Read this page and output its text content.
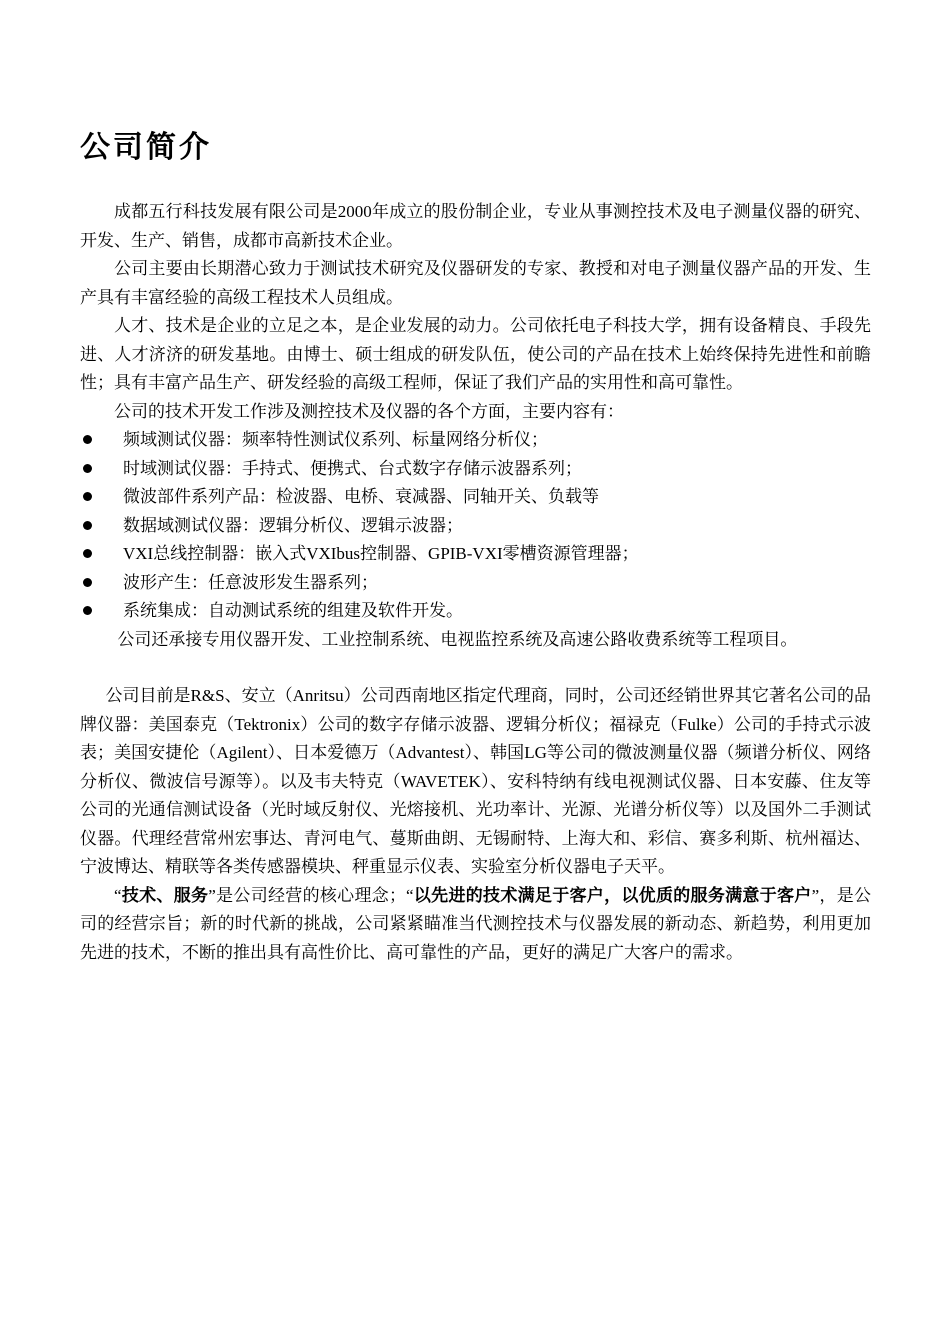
公司简介

成都五行科技发展有限公司是2000年成立的股份制企业，专业从事测控技术及电子测量仪器的研究、开发、生产、销售，成都市高新技术企业。

公司主要由长期潜心致力于测试技术研究及仪器研发的专家、教授和对电子测量仪器产品的开发、生产具有丰富经验的高级工程技术人员组成。

人才、技术是企业的立足之本，是企业发展的动力。公司依托电子科技大学，拥有设备精良、手段先进、人才济济的研发基地。由博士、硕士组成的研发队伍，使公司的产品在技术上始终保持先进性和前瞻性；具有丰富产品生产、研发经验的高级工程师，保证了我们产品的实用性和高可靠性。

公司的技术开发工作涉及测控技术及仪器的各个方面，主要内容有：

频域测试仪器：频率特性测试仪系列、标量网络分析仪；
时域测试仪器：手持式、便携式、台式数字存储示波器系列；
微波部件系列产品：检波器、电桥、衰减器、同轴开关、负载等
数据域测试仪器：逻辑分析仪、逻辑示波器；
VXI总线控制器：嵌入式VXIbus控制器、GPIB-VXI零槽资源管理器；
波形产生：任意波形发生器系列；
系统集成：自动测试系统的组建及软件开发。

公司还承接专用仪器开发、工业控制系统、电视监控系统及高速公路收费系统等工程项目。

公司目前是R&S、安立（Anritsu）公司西南地区指定代理商，同时，公司还经销世界其它著名公司的品牌仪器：美国泰克（Tektronix）公司的数字存储示波器、逻辑分析仪；福禄克（Fulke）公司的手持式示波表；美国安捷伦（Agilent）、日本爱德万（Advantest）、韩国LG等公司的微波测量仪器（频谱分析仪、网络分析仪、微波信号源等）。以及韦夫特克（WAVETEK）、安科特纳有线电视测试仪器、日本安藤、住友等公司的光通信测试设备（光时域反射仪、光熔接机、光功率计、光源、光谱分析仪等）以及国外二手测试仪器。代理经营常州宏事达、青河电气、蔓斯曲朗、无锡耐特、上海大和、彩信、赛多利斯、杭州福达、宁波博达、精联等各类传感器模块、秤重显示仪表、实验室分析仪器电子天平。

“技术、服务”是公司经营的核心理念；“以先进的技术满足于客户，以优质的服务满意于客户”，是公司的经营宗旨；新的时代新的挑战，公司紧紧瞄准当代测控技术与仪器发展的新动态、新趋势，利用更加先进的技术，不断的推出具有高性价比、高可靠性的产品，更好的满足广大客户的需求。
